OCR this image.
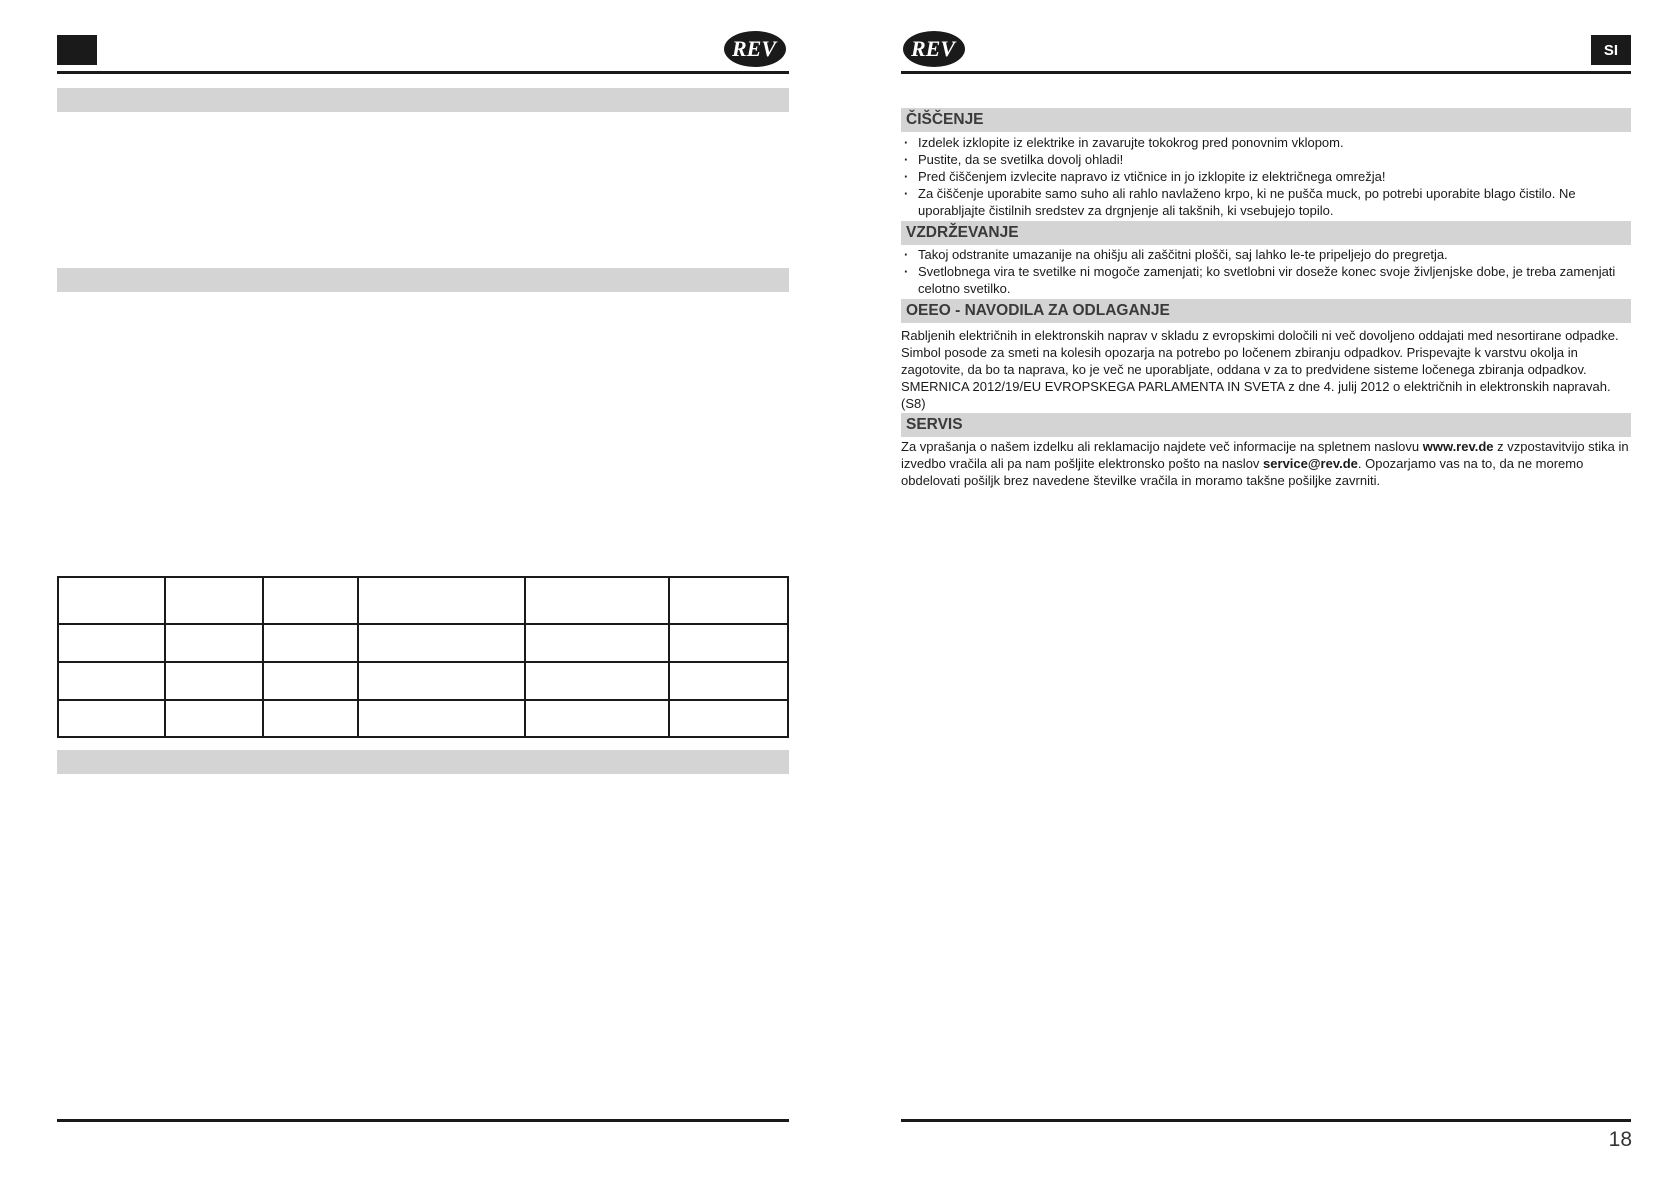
REV	REV	SI
ČIŠČENJE
· Izdelek izklopite iz elektrike in zavarujte tokokrog pred ponovnim vklopom.
· Pustite, da se svetilka dovolj ohladi!
· Pred čiščenjem izvlecite napravo iz vtičnice in jo izklopite iz električnega omrežja!
· Za čiščenje uporabite samo suho ali rahlo navlaženo krpo, ki ne pušča muck, po potrebi uporabite blago čistilo. Ne uporabljajte čistilnih sredstev za drgnjenje ali takšnih, ki vsebujejo topilo.
VZDRŽEVANJE
· Takoj odstranite umazanije na ohišju ali zaščitni plošči, saj lahko le-te pripeljejo do pregretja.
· Svetlobnega vira te svetilke ni mogoče zamenjati; ko svetlobni vir doseže konec svoje življenjske dobe, je treba zamenjati celotno svetilko.
OEEO - NAVODILA ZA ODLAGANJE

Rabljenih električnih in elektronskih naprav v skladu z evropskimi določili ni več dovoljeno oddajati med nesortirane odpadke. Simbol posode za smeti na kolesih opozarja na potrebo po ločenem zbiranju odpadkov. Prispevajte k varstvu okolja in zagotovite, da bo ta naprava, ko je več ne uporabljate, oddana v za to predvidene sisteme ločenega zbiranja odpadkov. SMERNICA 2012/19/EU EVROPSKEGA PARLAMENTA IN SVETA z dne 4. julij 2012 o električnih in elektronskih napravah. (S8)

SERVIS

Za vprašanja o našem izdelku ali reklamacijo najdete več informacije na spletnem naslovu www.rev.de z vzpostavitvijo stika in izvedbo vračila ali pa nam pošljite elektronsko pošto na naslov service@rev.de. Opozarjamo vas na to, da ne moremo obdelovati pošiljk brez navedene številke vračila in moramo takšne pošiljke zavrniti.

18
